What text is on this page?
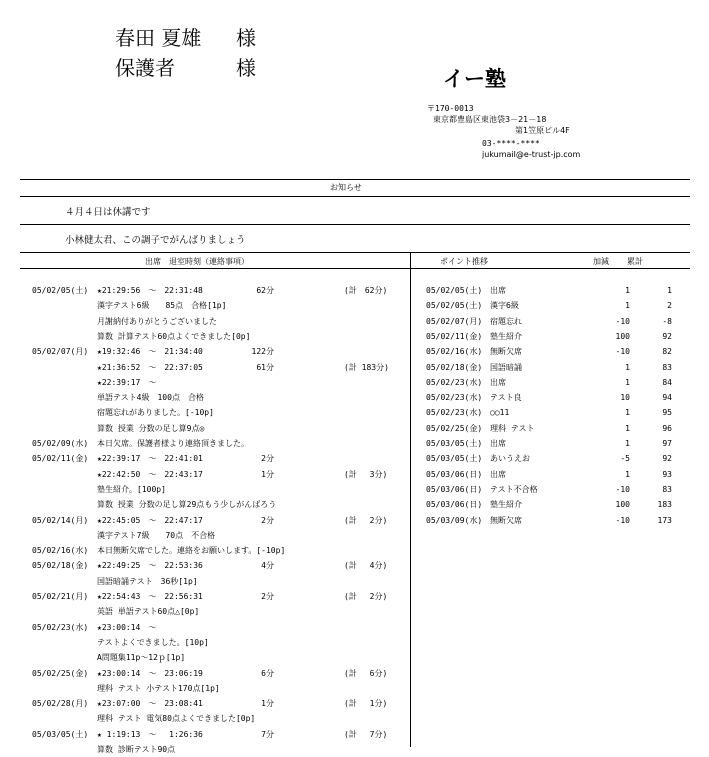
春田 夏雄 様
保護者	様	イー塾
〒170-0013
東京都豊島区東池袋3－21－18
第1笠原ビル4F
03-****-****
jukumail@e-trust-jp.com
お知らせ
４月４日は休講です
小林健太君、この調子でがんばりましょう
出席　退室時刻（連絡事項）	ポイント推移	加減 累計
05/02/05(土) ★21:29:56　～　22:31:48	62分	(計　62分)
漢字テスト6級　　85点　合格[1p]
月謝納付ありがとうございました
算数 計算テスト60点よくできました[0p]
05/02/07(月) ★19:32:46　～　21:34:40	122分
★21:36:52　～　22:37:05	61分	(計 183分)
★22:39:17　～
単語テスト4級　100点　合格
宿題忘れがありました。[-10p]
算数 授業 分数の足し算9点◎
05/02/09(水) 本日欠席。保護者様より連絡頂きました。
05/02/11(金) ★22:39:17　～　22:41:01	2分
★22:42:50　～　22:43:17	1分	(計　 3分)
塾生紹介。[100p]
算数 授業 分数の足し算29点もう少しがんばろう
05/02/14(月) ★22:45:05　～　22:47:17	2分	(計　 2分)
漢字テスト7級　　70点　不合格
05/02/16(水) 本日無断欠席でした。連絡をお願いします。[-10p]
05/02/18(金) ★22:49:25　～　22:53:36	4分	(計　 4分)
国語暗誦テスト　36秒[1p]
05/02/21(月) ★22:54:43　～　22:56:31	2分	(計　 2分)
英語 単語テスト60点△[0p]
05/02/23(水) ★23:00:14　～
テストよくできました。[10p]
A問題集11p～12ｐ[1p]
05/02/25(金) ★23:00:14　～　23:06:19	6分	(計　 6分)
理科 テスト 小テスト170点[1p]
05/02/28(月) ★23:07:00　～　23:08:41	1分	(計　 1分)
理科 テスト 電気80点よくできました[0p]
05/03/05(土) ★ 1:19:13　～　 1:26:36	7分	(計　 7分)
算数 診断テスト90点
05/02/05(土) 出席	1	1
05/02/05(土) 漢字6級	1	2
05/02/07(月) 宿題忘れ	-10	-8
05/02/11(金) 塾生紹介	100	92
05/02/16(水) 無断欠席	-10	82
05/02/18(金) 国語暗誦	1	83
05/02/23(水) 出席	1	84
05/02/23(水) テスト良	10	94
05/02/23(水) ○○11	1	95
05/02/25(金) 理科 テスト	1	96
05/03/05(土) 出席	1	97
05/03/05(土) あいうえお	-5	92
05/03/06(日) 出席	1	93
05/03/06(日) テスト不合格	-10	83
05/03/06(日) 塾生紹介	100	183
05/03/09(水) 無断欠席	-10	173
